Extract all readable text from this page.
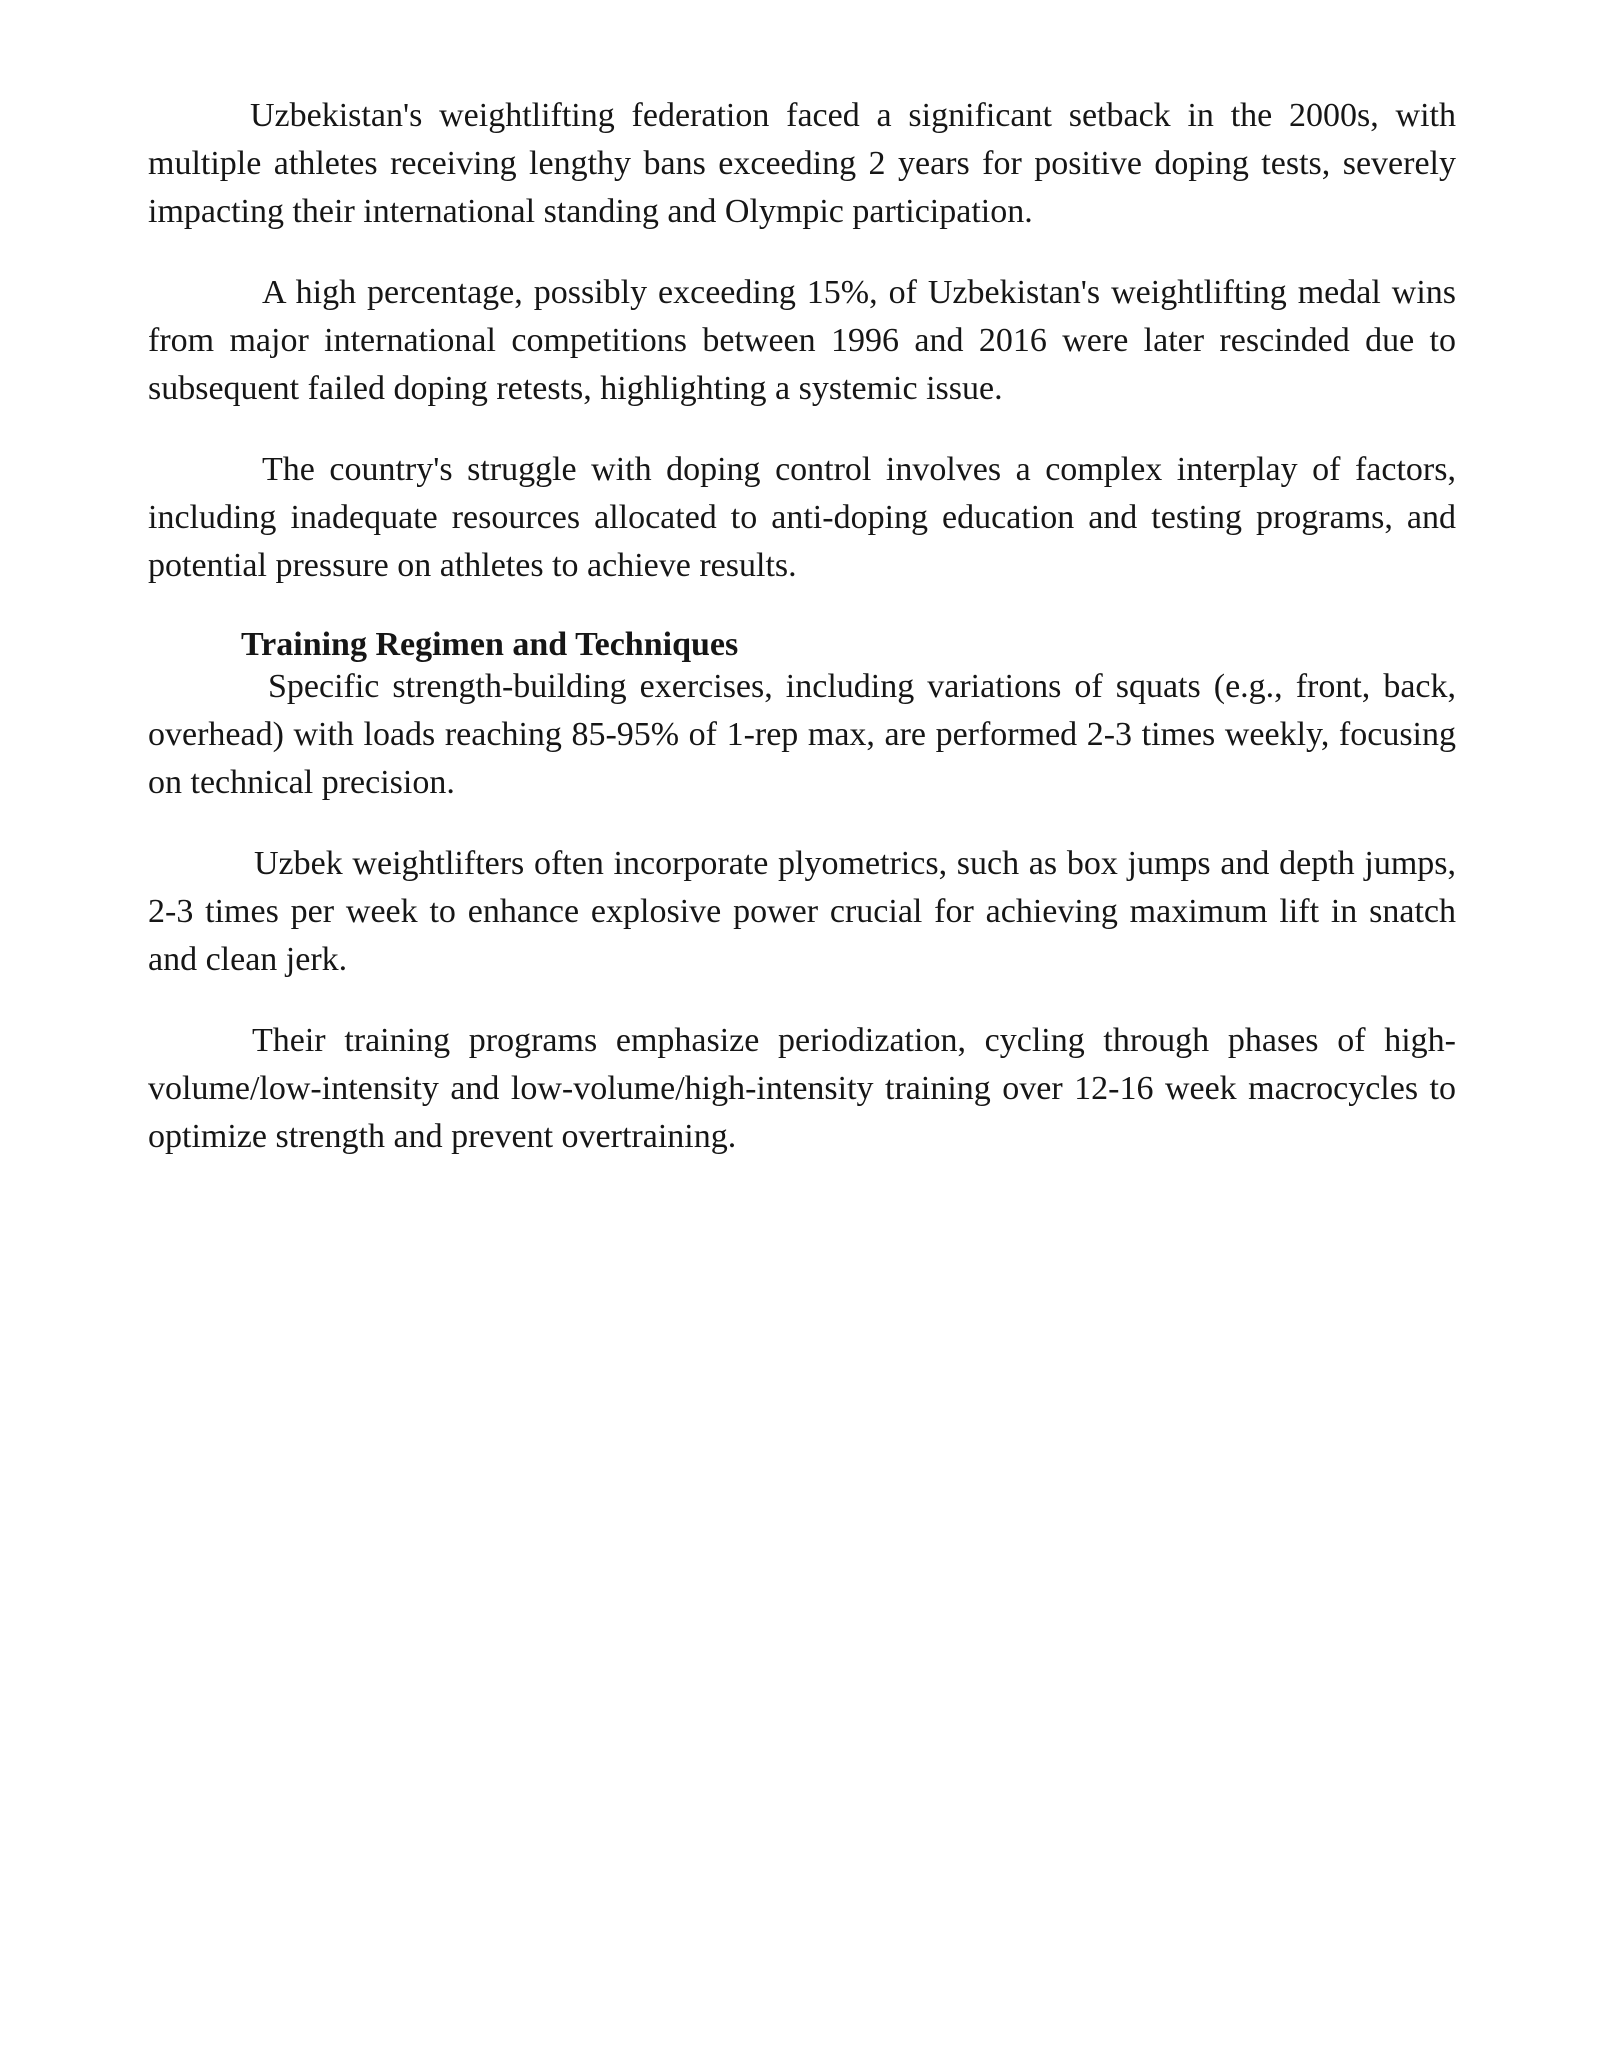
Uzbekistan's weightlifting federation faced a significant setback in the 2000s, with multiple athletes receiving lengthy bans exceeding 2 years for positive doping tests, severely impacting their international standing and Olympic participation.

A high percentage, possibly exceeding 15%, of Uzbekistan's weightlifting medal wins from major international competitions between 1996 and 2016 were later rescinded due to subsequent failed doping retests, highlighting a systemic issue.

The country's struggle with doping control involves a complex interplay of factors, including inadequate resources allocated to anti-doping education and testing programs, and potential pressure on athletes to achieve results.

Training Regimen and Techniques

Specific strength-building exercises, including variations of squats (e.g., front, back, overhead) with loads reaching 85-95% of 1-rep max, are performed 2-3 times weekly, focusing on technical precision.

Uzbek weightlifters often incorporate plyometrics, such as box jumps and depth jumps, 2-3 times per week to enhance explosive power crucial for achieving maximum lift in snatch and clean jerk.

Their training programs emphasize periodization, cycling through phases of high-volume/low-intensity and low-volume/high-intensity training over 12-16 week macrocycles to optimize strength and prevent overtraining.
